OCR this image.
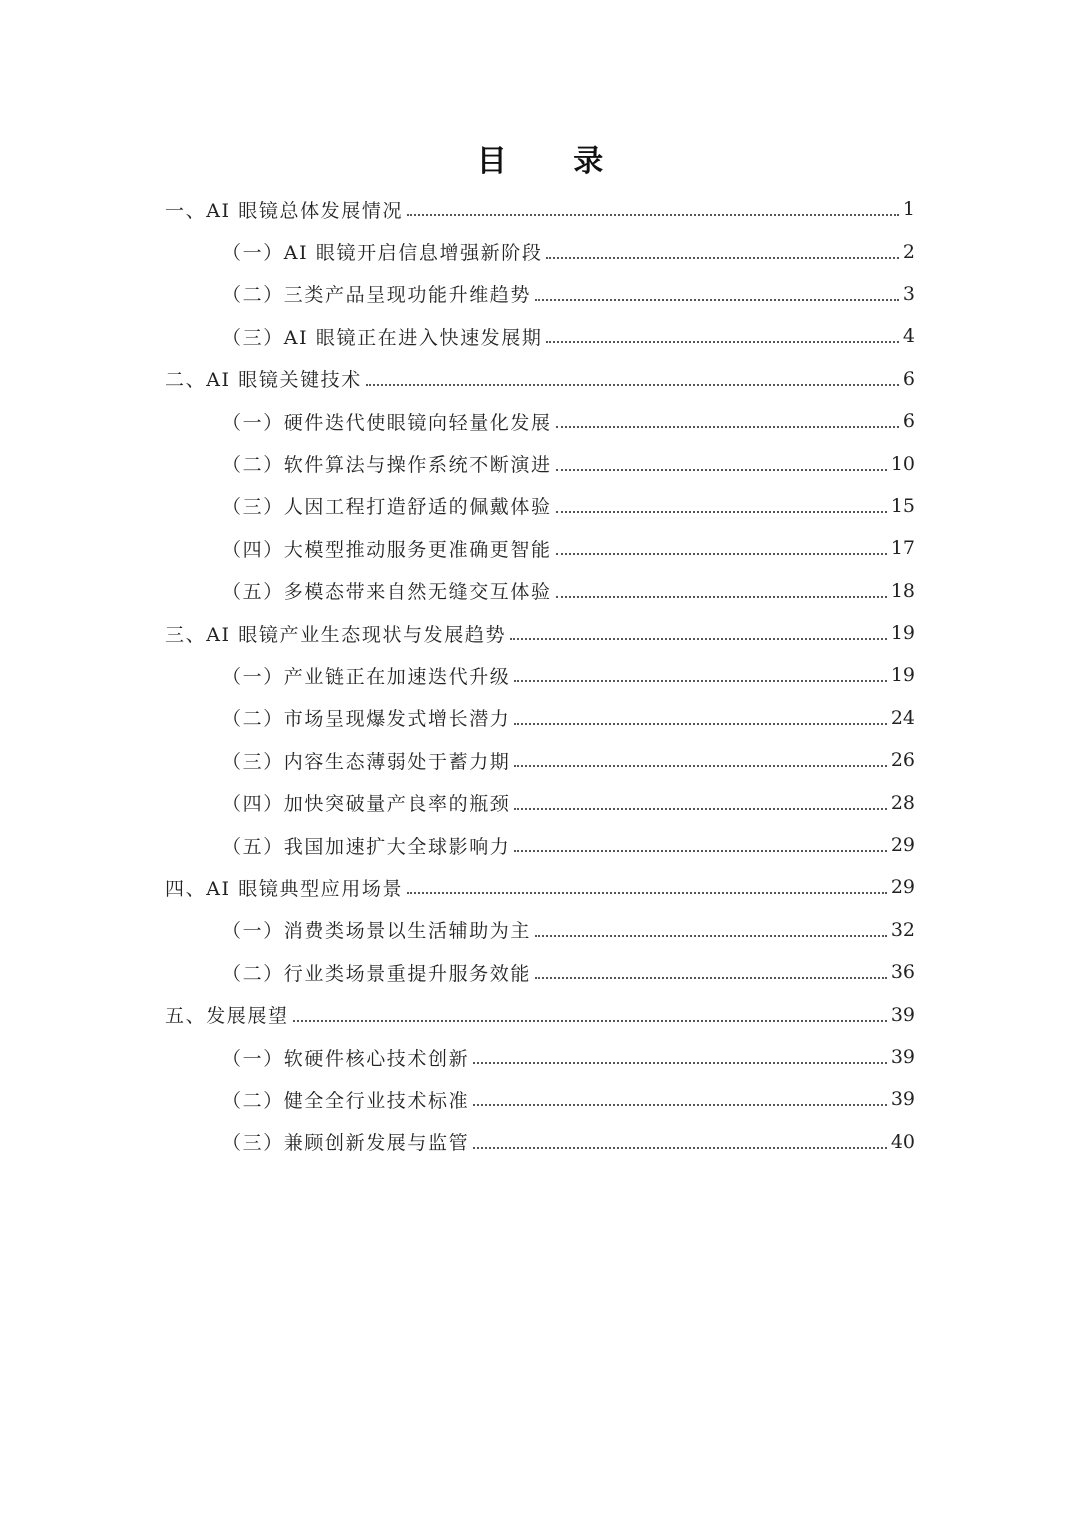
目 录
一、AI 眼镜总体发展情况	1
（一）AI 眼镜开启信息增强新阶段	2
（二）三类产品呈现功能升维趋势	3
（三）AI 眼镜正在进入快速发展期	4
二、AI 眼镜关键技术	6
（一）硬件迭代使眼镜向轻量化发展	6
（二）软件算法与操作系统不断演进	10
（三）人因工程打造舒适的佩戴体验	15
（四）大模型推动服务更准确更智能	17
（五）多模态带来自然无缝交互体验	18
三、AI 眼镜产业生态现状与发展趋势	19
（一）产业链正在加速迭代升级	19
（二）市场呈现爆发式增长潜力	24
（三）内容生态薄弱处于蓄力期	26
（四）加快突破量产良率的瓶颈	28
（五）我国加速扩大全球影响力	29
四、AI 眼镜典型应用场景	29
（一）消费类场景以生活辅助为主	32
（二）行业类场景重提升服务效能	36
五、发展展望	39
（一）软硬件核心技术创新	39
（二）健全全行业技术标准	39
（三）兼顾创新发展与监管	40
